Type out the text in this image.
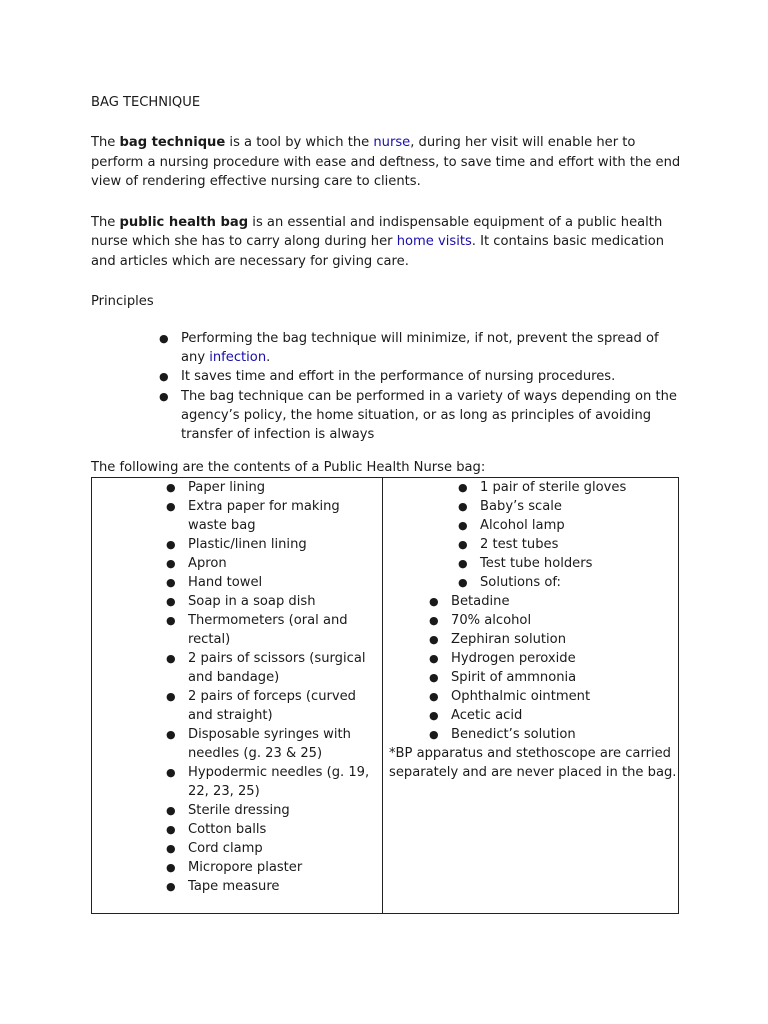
BAG TECHNIQUE

The bag technique is a tool by which the nurse, during her visit will enable her to perform a nursing procedure with ease and deftness, to save time and effort with the end view of rendering effective nursing care to clients.

The public health bag is an essential and indispensable equipment of a public health nurse which she has to carry along during her home visits. It contains basic medication and articles which are necessary for giving care.

Principles
● Performing the bag technique will minimize, if not, prevent the spread of any infection.
● It saves time and effort in the performance of nursing procedures.
● The bag technique can be performed in a variety of ways depending on the agency’s policy, the home situation, or as long as principles of avoiding transfer of infection is always
The following are the contents of a Public Health Nurse bag:
● Paper lining
● Extra paper for making waste bag
● Plastic/linen lining
● Apron
● Hand towel
● Soap in a soap dish
● Thermometers (oral and rectal)
● 2 pairs of scissors (surgical and bandage)
● 2 pairs of forceps (curved and straight)
● Disposable syringes with needles (g. 23 & 25)
● Hypodermic needles (g. 19, 22, 23, 25)
● Sterile dressing
● Cotton balls
● Cord clamp
● Micropore plaster
● Tape measure

● 1 pair of sterile gloves
● Baby’s scale
● Alcohol lamp
● 2 test tubes
● Test tube holders
● Solutions of:
● Betadine
● 70% alcohol
● Zephiran solution
● Hydrogen peroxide
● Spirit of ammnonia
● Ophthalmic ointment
● Acetic acid
● Benedict’s solution
*BP apparatus and stethoscope are carried separately and are never placed in the bag.
